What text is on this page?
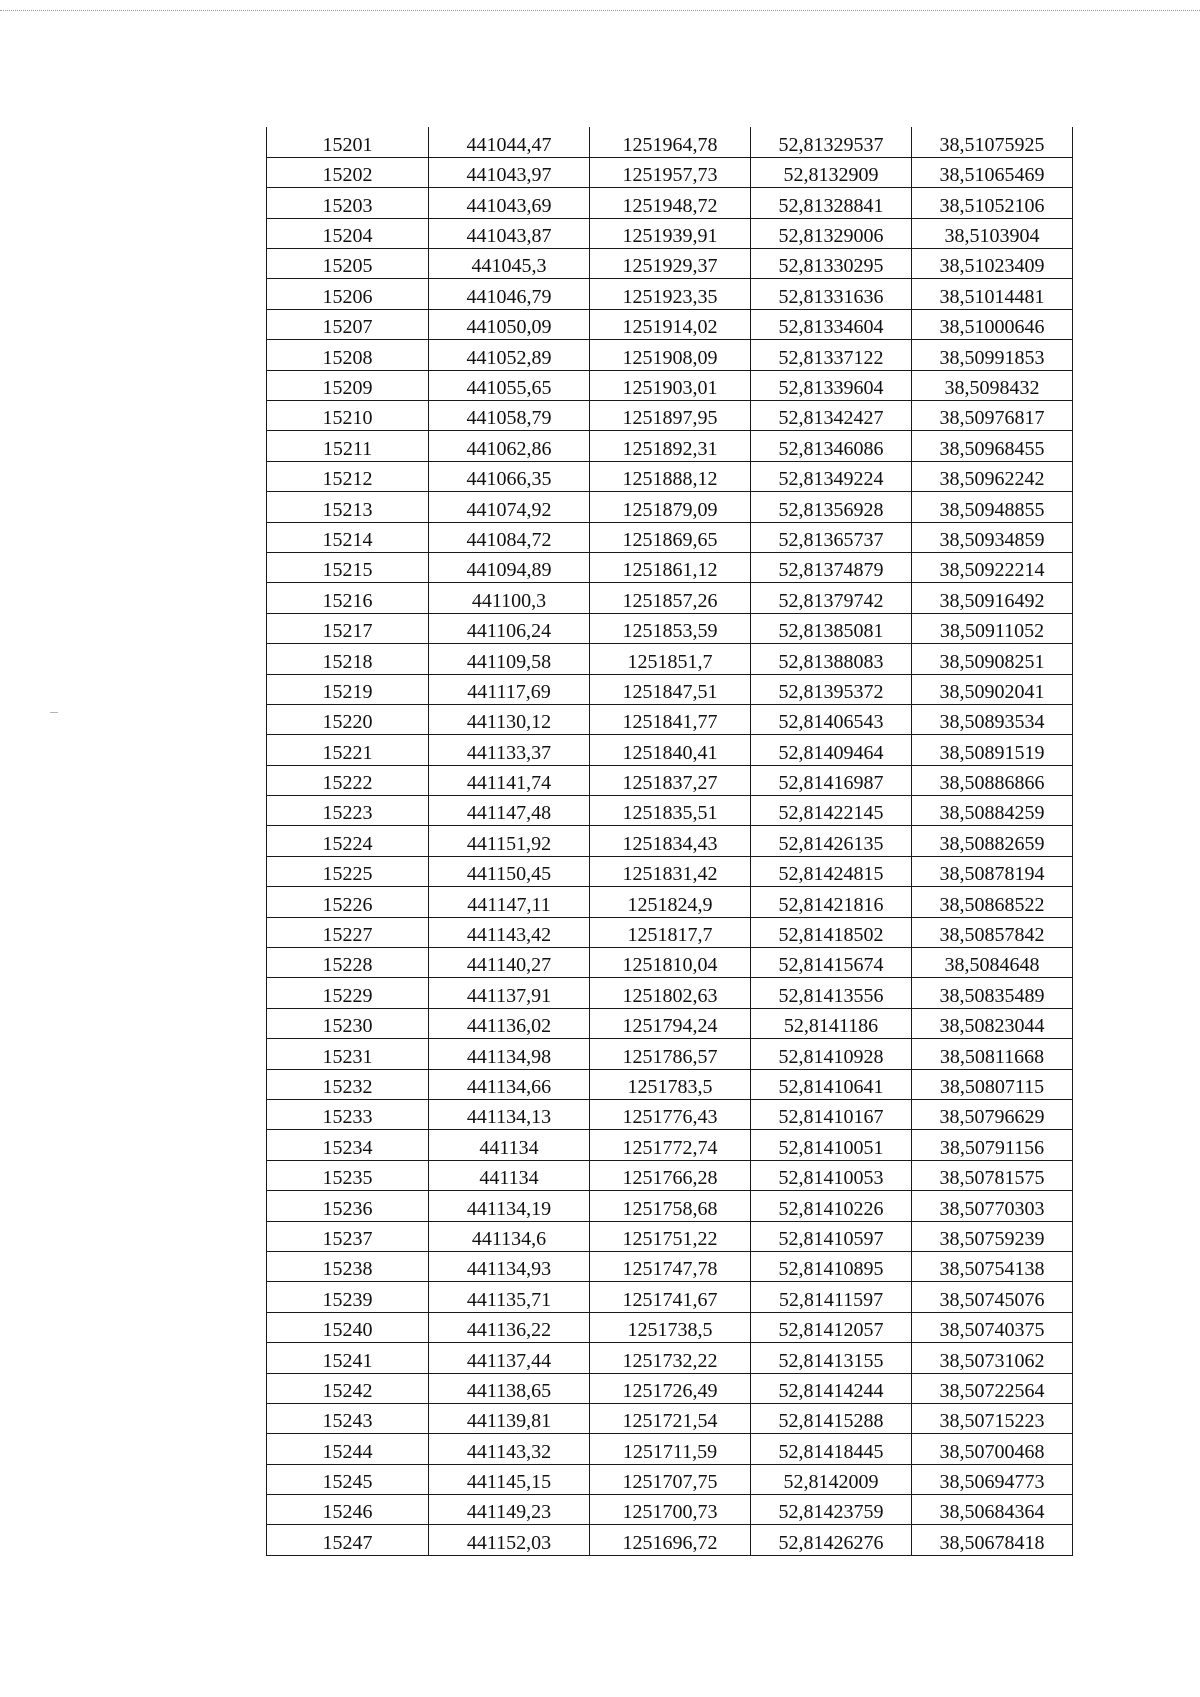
15201	441044,47	1251964,78	52,81329537	38,51075925
15202	441043,97	1251957,73	52,8132909	38,51065469
15203	441043,69	1251948,72	52,81328841	38,51052106
15204	441043,87	1251939,91	52,81329006	38,5103904
15205	441045,3	1251929,37	52,81330295	38,51023409
15206	441046,79	1251923,35	52,81331636	38,51014481
15207	441050,09	1251914,02	52,81334604	38,51000646
15208	441052,89	1251908,09	52,81337122	38,50991853
15209	441055,65	1251903,01	52,81339604	38,5098432
15210	441058,79	1251897,95	52,81342427	38,50976817
15211	441062,86	1251892,31	52,81346086	38,50968455
15212	441066,35	1251888,12	52,81349224	38,50962242
15213	441074,92	1251879,09	52,81356928	38,50948855
15214	441084,72	1251869,65	52,81365737	38,50934859
15215	441094,89	1251861,12	52,81374879	38,50922214
15216	441100,3	1251857,26	52,81379742	38,50916492
15217	441106,24	1251853,59	52,81385081	38,50911052
15218	441109,58	1251851,7	52,81388083	38,50908251
15219	441117,69	1251847,51	52,81395372	38,50902041
15220	441130,12	1251841,77	52,81406543	38,50893534
15221	441133,37	1251840,41	52,81409464	38,50891519
15222	441141,74	1251837,27	52,81416987	38,50886866
15223	441147,48	1251835,51	52,81422145	38,50884259
15224	441151,92	1251834,43	52,81426135	38,50882659
15225	441150,45	1251831,42	52,81424815	38,50878194
15226	441147,11	1251824,9	52,81421816	38,50868522
15227	441143,42	1251817,7	52,81418502	38,50857842
15228	441140,27	1251810,04	52,81415674	38,5084648
15229	441137,91	1251802,63	52,81413556	38,50835489
15230	441136,02	1251794,24	52,8141186	38,50823044
15231	441134,98	1251786,57	52,81410928	38,50811668
15232	441134,66	1251783,5	52,81410641	38,50807115
15233	441134,13	1251776,43	52,81410167	38,50796629
15234	441134	1251772,74	52,81410051	38,50791156
15235	441134	1251766,28	52,81410053	38,50781575
15236	441134,19	1251758,68	52,81410226	38,50770303
15237	441134,6	1251751,22	52,81410597	38,50759239
15238	441134,93	1251747,78	52,81410895	38,50754138
15239	441135,71	1251741,67	52,81411597	38,50745076
15240	441136,22	1251738,5	52,81412057	38,50740375
15241	441137,44	1251732,22	52,81413155	38,50731062
15242	441138,65	1251726,49	52,81414244	38,50722564
15243	441139,81	1251721,54	52,81415288	38,50715223
15244	441143,32	1251711,59	52,81418445	38,50700468
15245	441145,15	1251707,75	52,8142009	38,50694773
15246	441149,23	1251700,73	52,81423759	38,50684364
15247	441152,03	1251696,72	52,81426276	38,50678418
